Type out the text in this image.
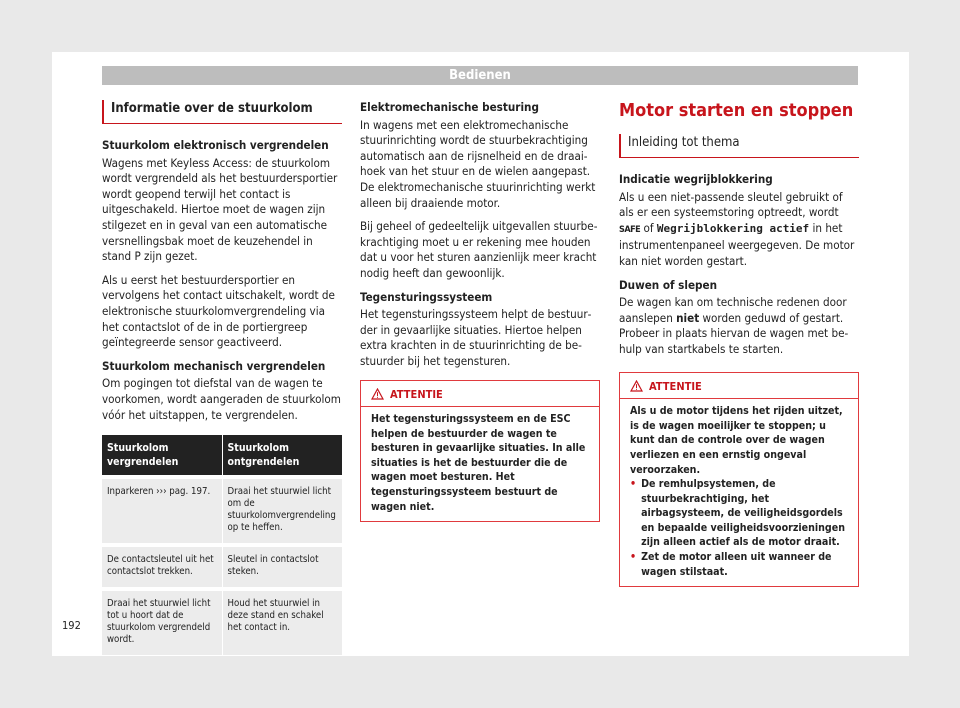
Bedienen
Informatie over de stuurkolom
Stuurkolom elektronisch vergrendelen

Wagens met Keyless Access: de stuurkolom wordt vergrendeld als het bestuurdersportier wordt geopend terwijl het contact is uitgeschakeld. Hiertoe moet de wagen zijn stilgezet en in geval van een automatische versnellingsbak moet de keuzehendel in stand P zijn gezet.

Als u eerst het bestuurdersportier en vervolgens het contact uitschakelt, wordt de elektronische stuurkolomvergrendeling via het contactslot of de in de portiergreep geïntegreerde sensor geactiveerd.

Stuurkolom mechanisch vergrendelen

Om pogingen tot diefstal van de wagen te voorkomen, wordt aangeraden de stuurkolom vóór het uitstappen, te vergrendelen.

Stuurkolom vergrendelen	Stuurkolom ontgrendelen
Inparkeren ››› pag. 197.	Draai het stuurwiel licht om de stuurkolomvergrendeling op te heffen.
De contactsleutel uit het contactslot trekken.	Sleutel in contactslot steken.
Draai het stuurwiel licht tot u hoort dat de stuurkolom vergrendeld wordt.	Houd het stuurwiel in deze stand en schakel het contact in.
Elektromechanische besturing

In wagens met een elektromechanische stuurinrichting wordt de stuurbekrachtiging automatisch aan de rijsnelheid en de draaihoek van het stuur en de wielen aangepast. De elektromechanische stuurinrichting werkt alleen bij draaiende motor.

Bij geheel of gedeeltelijk uitgevallen stuurbekrachtiging moet u er rekening mee houden dat u voor het sturen aanzienlijk meer kracht nodig heeft dan gewoonlijk.

Tegensturingssysteem

Het tegensturingssysteem helpt de bestuurder in gevaarlijke situaties. Hiertoe helpen extra krachten in de stuurinrichting de bestuurder bij het tegensturen.

ATTENTIE
Het tegensturingssysteem en de ESC helpen de bestuurder de wagen te besturen in gevaarlijke situaties. In alle situaties is het de bestuurder die de wagen moet besturen. Het tegensturingssysteem bestuurt de wagen niet.
Motor starten en stoppen
Inleiding tot thema
Indicatie wegrijblokkering

Als u een niet-passende sleutel gebruikt of als er een systeemstoring optreedt, wordt SAFE of Wegrijblokkering actief in het instrumentenpaneel weergegeven. De motor kan niet worden gestart.

Duwen of slepen

De wagen kan om technische redenen door aanslepen niet worden geduwd of gestart. Probeer in plaats hiervan de wagen met behulp van startkabels te starten.

ATTENTIE
Als u de motor tijdens het rijden uitzet, is de wagen moeilijker te stoppen; u kunt dan de controle over de wagen verliezen en een ernstig ongeval veroorzaken.
• De remhulpsystemen, de stuurbekrachtiging, het airbagsysteem, de veiligheidsgordels en bepaalde veiligheidsvoorzieningen zijn alleen actief als de motor draait.
• Zet de motor alleen uit wanneer de wagen stilstaat.
192
